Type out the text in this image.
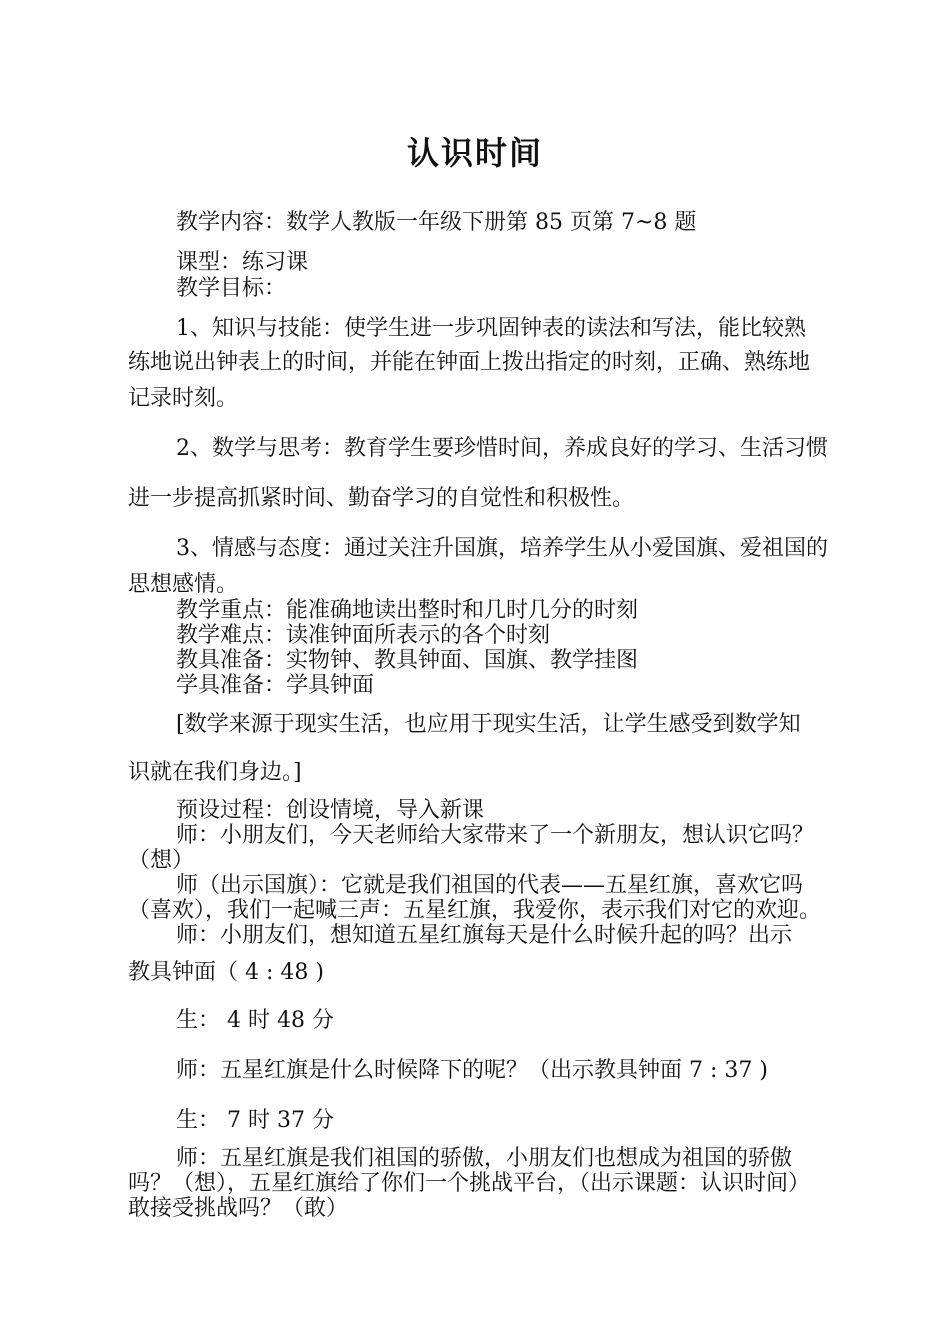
认识时间
教学内容：数学人教版一年级下册第 85 页第 7~8 题
课型：练习课
教学目标：
1、知识与技能：使学生进一步巩固钟表的读法和写法，能比较熟
练地说出钟表上的时间，并能在钟面上拨出指定的时刻，正确、熟练地
记录时刻。
2、数学与思考：教育学生要珍惜时间，养成良好的学习、生活习惯
进一步提高抓紧时间、勤奋学习的自觉性和积极性。
3、情感与态度：通过关注升国旗，培养学生从小爱国旗、爱祖国的
思想感情。
教学重点：能准确地读出整时和几时几分的时刻
教学难点：读准钟面所表示的各个时刻
教具准备：实物钟、教具钟面、国旗、教学挂图
学具准备：学具钟面
[数学来源于现实生活，也应用于现实生活，让学生感受到数学知
识就在我们身边。]
预设过程：创设情境，导入新课
师：小朋友们，今天老师给大家带来了一个新朋友，想认识它吗？
（想）
师（出示国旗）：它就是我们祖国的代表——五星红旗，喜欢它吗
（喜欢），我们一起喊三声：五星红旗，我爱你，表示我们对它的欢迎。
师：小朋友们，想知道五星红旗每天是什么时候升起的吗？出示
教具钟面（ 4 : 48 )
生： 4 时 48 分
师：五星红旗是什么时候降下的呢？（出示教具钟面 7 : 37 )
生： 7 时 37 分
师：五星红旗是我们祖国的骄傲，小朋友们也想成为祖国的骄傲
吗？（想），五星红旗给了你们一个挑战平台，（出示课题：认识时间）
敢接受挑战吗？（敢）
